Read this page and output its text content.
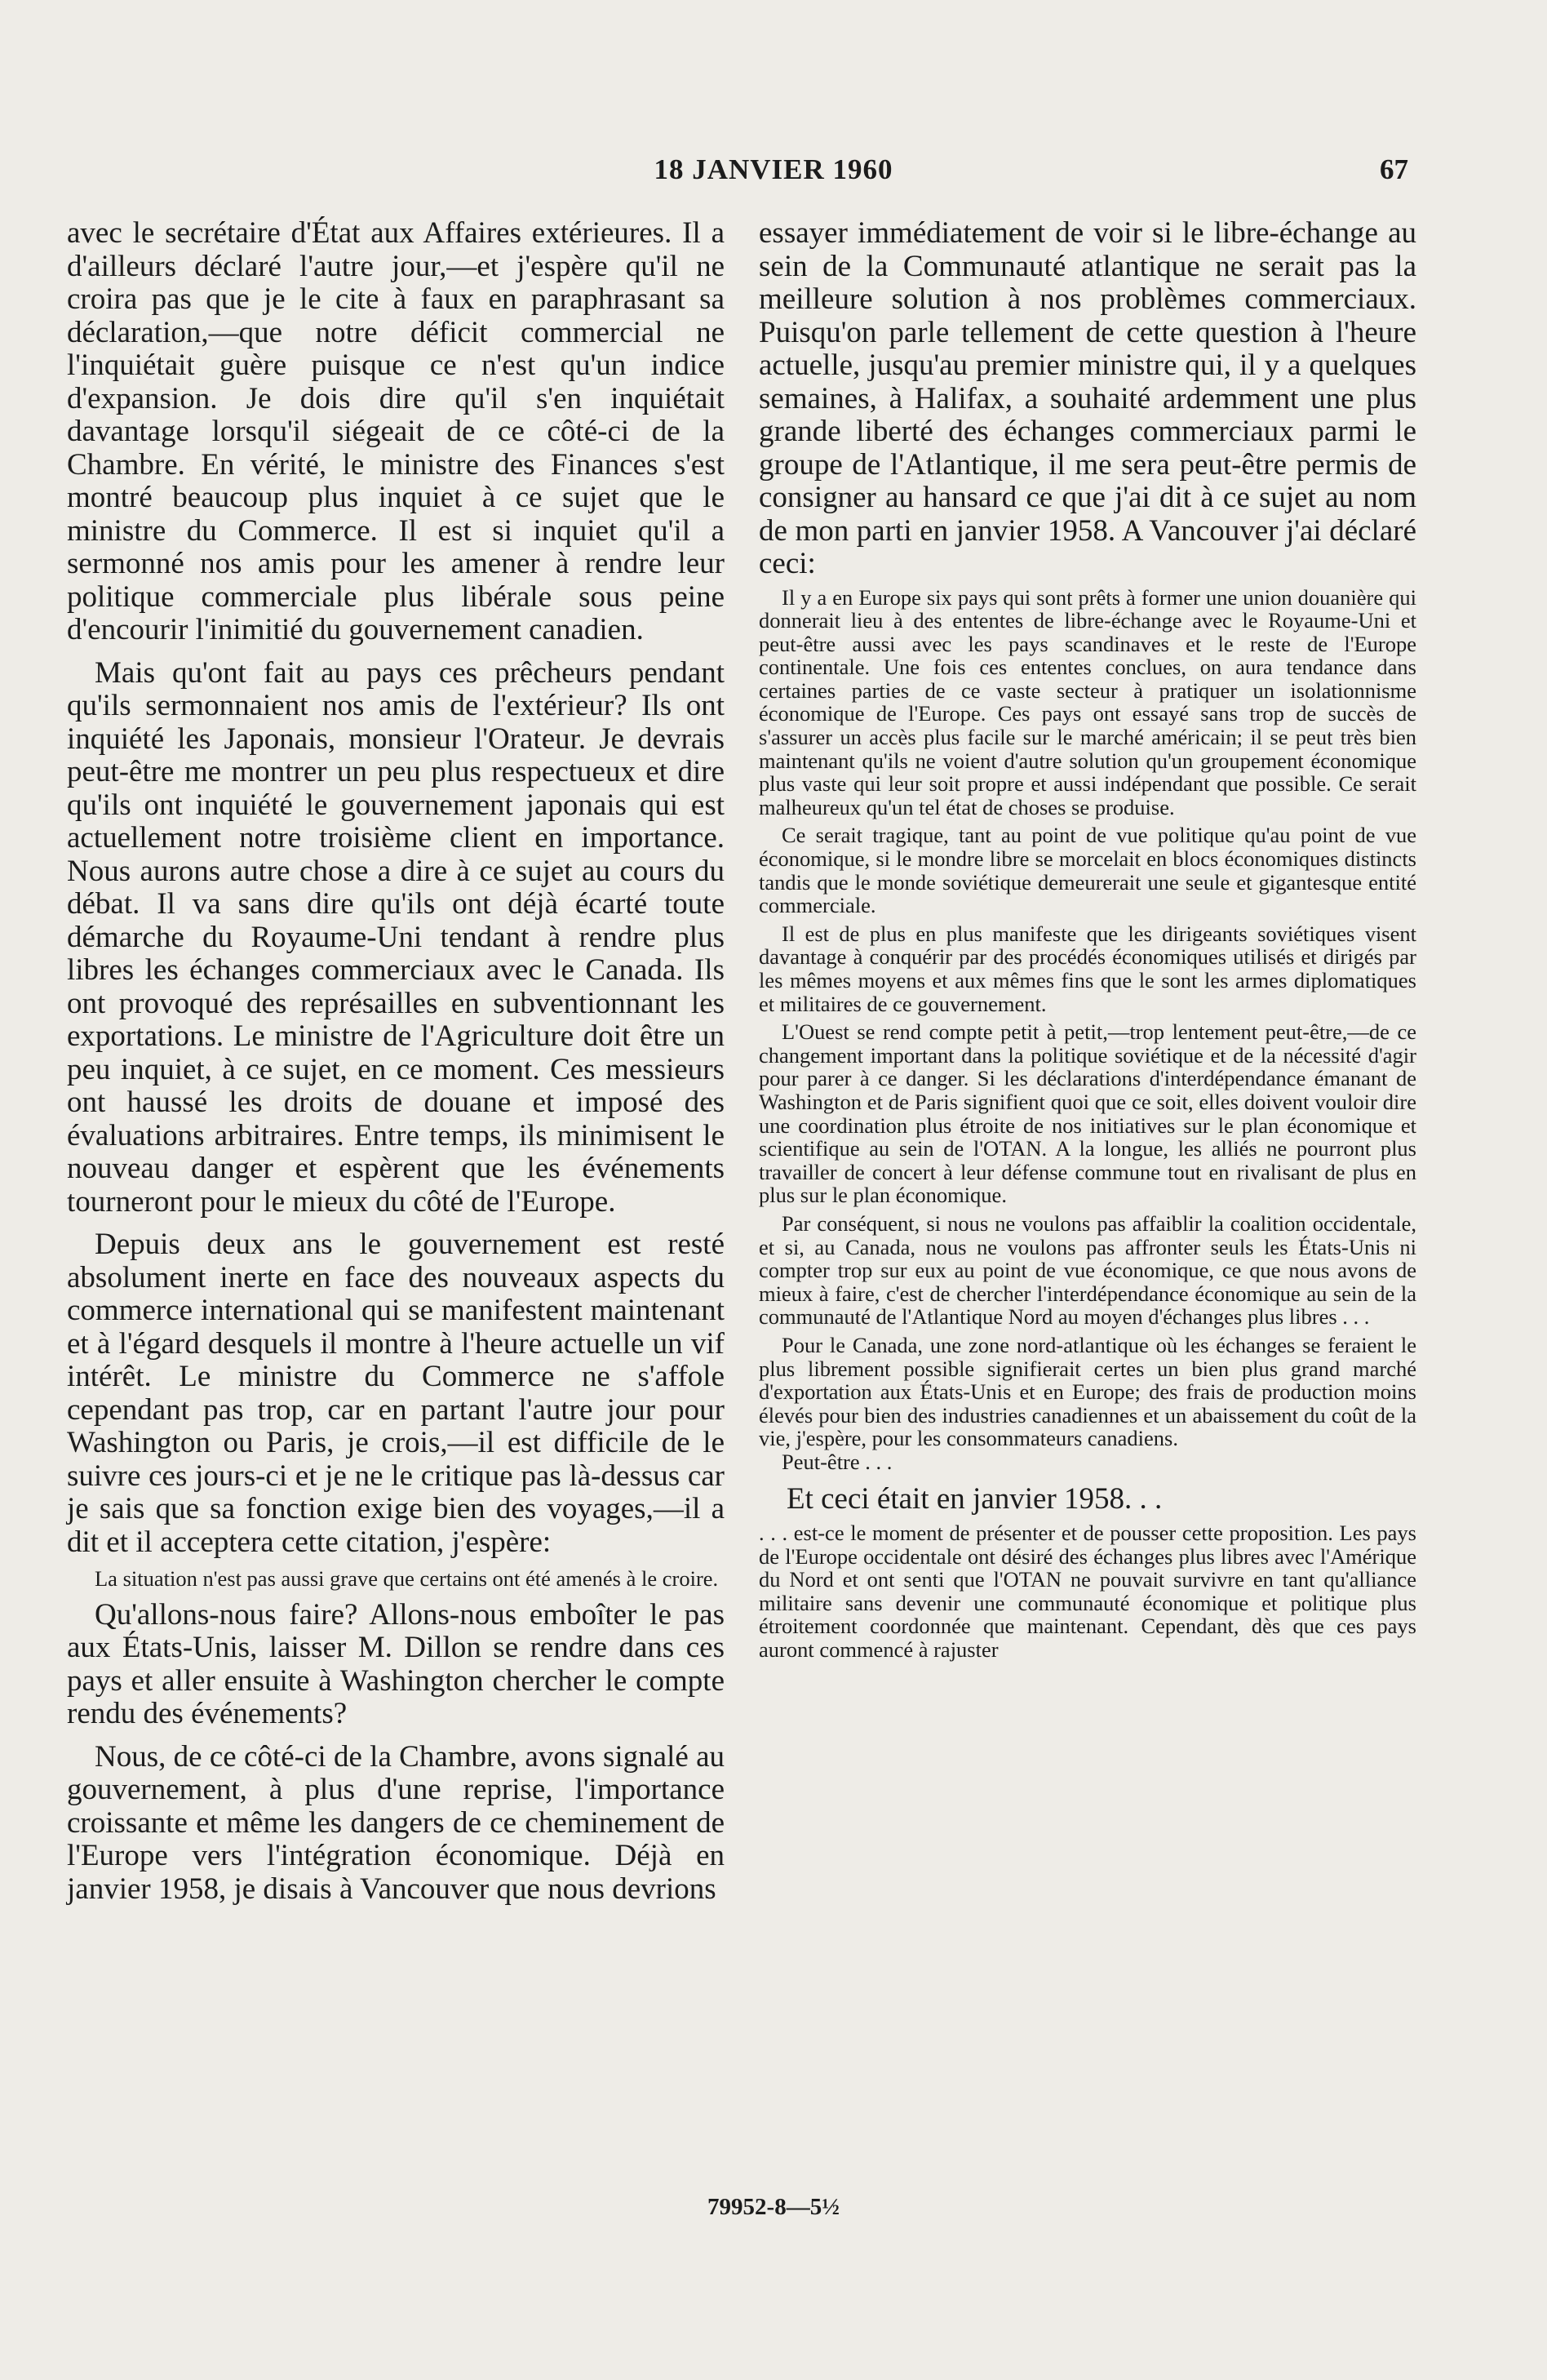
18 JANVIER 1960	67

avec le secrétaire d'État aux Affaires extérieures. Il a d'ailleurs déclaré l'autre jour,—et j'espère qu'il ne croira pas que je le cite à faux en paraphrasant sa déclaration,—que notre déficit commercial ne l'inquiétait guère puisque ce n'est qu'un indice d'expansion. Je dois dire qu'il s'en inquiétait davantage lorsqu'il siégeait de ce côté-ci de la Chambre. En vérité, le ministre des Finances s'est montré beaucoup plus inquiet à ce sujet que le ministre du Commerce. Il est si inquiet qu'il a sermonné nos amis pour les amener à rendre leur politique commerciale plus libérale sous peine d'encourir l'inimitié du gouvernement canadien.

Mais qu'ont fait au pays ces prêcheurs pendant qu'ils sermonnaient nos amis de l'extérieur? Ils ont inquiété les Japonais, monsieur l'Orateur. Je devrais peut-être me montrer un peu plus respectueux et dire qu'ils ont inquiété le gouvernement japonais qui est actuellement notre troisième client en importance. Nous aurons autre chose a dire à ce sujet au cours du débat. Il va sans dire qu'ils ont déjà écarté toute démarche du Royaume-Uni tendant à rendre plus libres les échanges commerciaux avec le Canada. Ils ont provoqué des représailles en subventionnant les exportations. Le ministre de l'Agriculture doit être un peu inquiet, à ce sujet, en ce moment. Ces messieurs ont haussé les droits de douane et imposé des évaluations arbitraires. Entre temps, ils minimisent le nouveau danger et espèrent que les événements tourneront pour le mieux du côté de l'Europe.

Depuis deux ans le gouvernement est resté absolument inerte en face des nouveaux aspects du commerce international qui se manifestent maintenant et à l'égard desquels il montre à l'heure actuelle un vif intérêt. Le ministre du Commerce ne s'affole cependant pas trop, car en partant l'autre jour pour Washington ou Paris, je crois,—il est difficile de le suivre ces jours-ci et je ne le critique pas là-dessus car je sais que sa fonction exige bien des voyages,—il a dit et il acceptera cette citation, j'espère:

La situation n'est pas aussi grave que certains ont été amenés à le croire.

Qu'allons-nous faire? Allons-nous emboîter le pas aux États-Unis, laisser M. Dillon se rendre dans ces pays et aller ensuite à Washington chercher le compte rendu des événements?

Nous, de ce côté-ci de la Chambre, avons signalé au gouvernement, à plus d'une reprise, l'importance croissante et même les dangers de ce cheminement de l'Europe vers l'intégration économique. Déjà en janvier 1958, je disais à Vancouver que nous devrions

essayer immédiatement de voir si le libre-échange au sein de la Communauté atlantique ne serait pas la meilleure solution à nos problèmes commerciaux. Puisqu'on parle tellement de cette question à l'heure actuelle, jusqu'au premier ministre qui, il y a quelques semaines, à Halifax, a souhaité ardemment une plus grande liberté des échanges commerciaux parmi le groupe de l'Atlantique, il me sera peut-être permis de consigner au hansard ce que j'ai dit à ce sujet au nom de mon parti en janvier 1958. A Vancouver j'ai déclaré ceci:

Il y a en Europe six pays qui sont prêts à former une union douanière qui donnerait lieu à des ententes de libre-échange avec le Royaume-Uni et peut-être aussi avec les pays scandinaves et le reste de l'Europe continentale. Une fois ces ententes conclues, on aura tendance dans certaines parties de ce vaste secteur à pratiquer un isolationnisme économique de l'Europe. Ces pays ont essayé sans trop de succès de s'assurer un accès plus facile sur le marché américain; il se peut très bien maintenant qu'ils ne voient d'autre solution qu'un groupement économique plus vaste qui leur soit propre et aussi indépendant que possible. Ce serait malheureux qu'un tel état de choses se produise.

Ce serait tragique, tant au point de vue politique qu'au point de vue économique, si le mondre libre se morcelait en blocs économiques distincts tandis que le monde soviétique demeurerait une seule et gigantesque entité commerciale.

Il est de plus en plus manifeste que les dirigeants soviétiques visent davantage à conquérir par des procédés économiques utilisés et dirigés par les mêmes moyens et aux mêmes fins que le sont les armes diplomatiques et militaires de ce gouvernement.

L'Ouest se rend compte petit à petit,—trop lentement peut-être,—de ce changement important dans la politique soviétique et de la nécessité d'agir pour parer à ce danger. Si les déclarations d'interdépendance émanant de Washington et de Paris signifient quoi que ce soit, elles doivent vouloir dire une coordination plus étroite de nos initiatives sur le plan économique et scientifique au sein de l'OTAN. A la longue, les alliés ne pourront plus travailler de concert à leur défense commune tout en rivalisant de plus en plus sur le plan économique.

Par conséquent, si nous ne voulons pas affaiblir la coalition occidentale, et si, au Canada, nous ne voulons pas affronter seuls les États-Unis ni compter trop sur eux au point de vue économique, ce que nous avons de mieux à faire, c'est de chercher l'interdépendance économique au sein de la communauté de l'Atlantique Nord au moyen d'échanges plus libres . . .

Pour le Canada, une zone nord-atlantique où les échanges se feraient le plus librement possible signifierait certes un bien plus grand marché d'exportation aux États-Unis et en Europe; des frais de production moins élevés pour bien des industries canadiennes et un abaissement du coût de la vie, j'espère, pour les consommateurs canadiens.

Peut-être . . .

Et ceci était en janvier 1958. . .

. . . est-ce le moment de présenter et de pousser cette proposition. Les pays de l'Europe occidentale ont désiré des échanges plus libres avec l'Amérique du Nord et ont senti que l'OTAN ne pouvait survivre en tant qu'alliance militaire sans devenir une communauté économique et politique plus étroitement coordonnée que maintenant. Cependant, dès que ces pays auront commencé à rajuster

79952-8—5½
